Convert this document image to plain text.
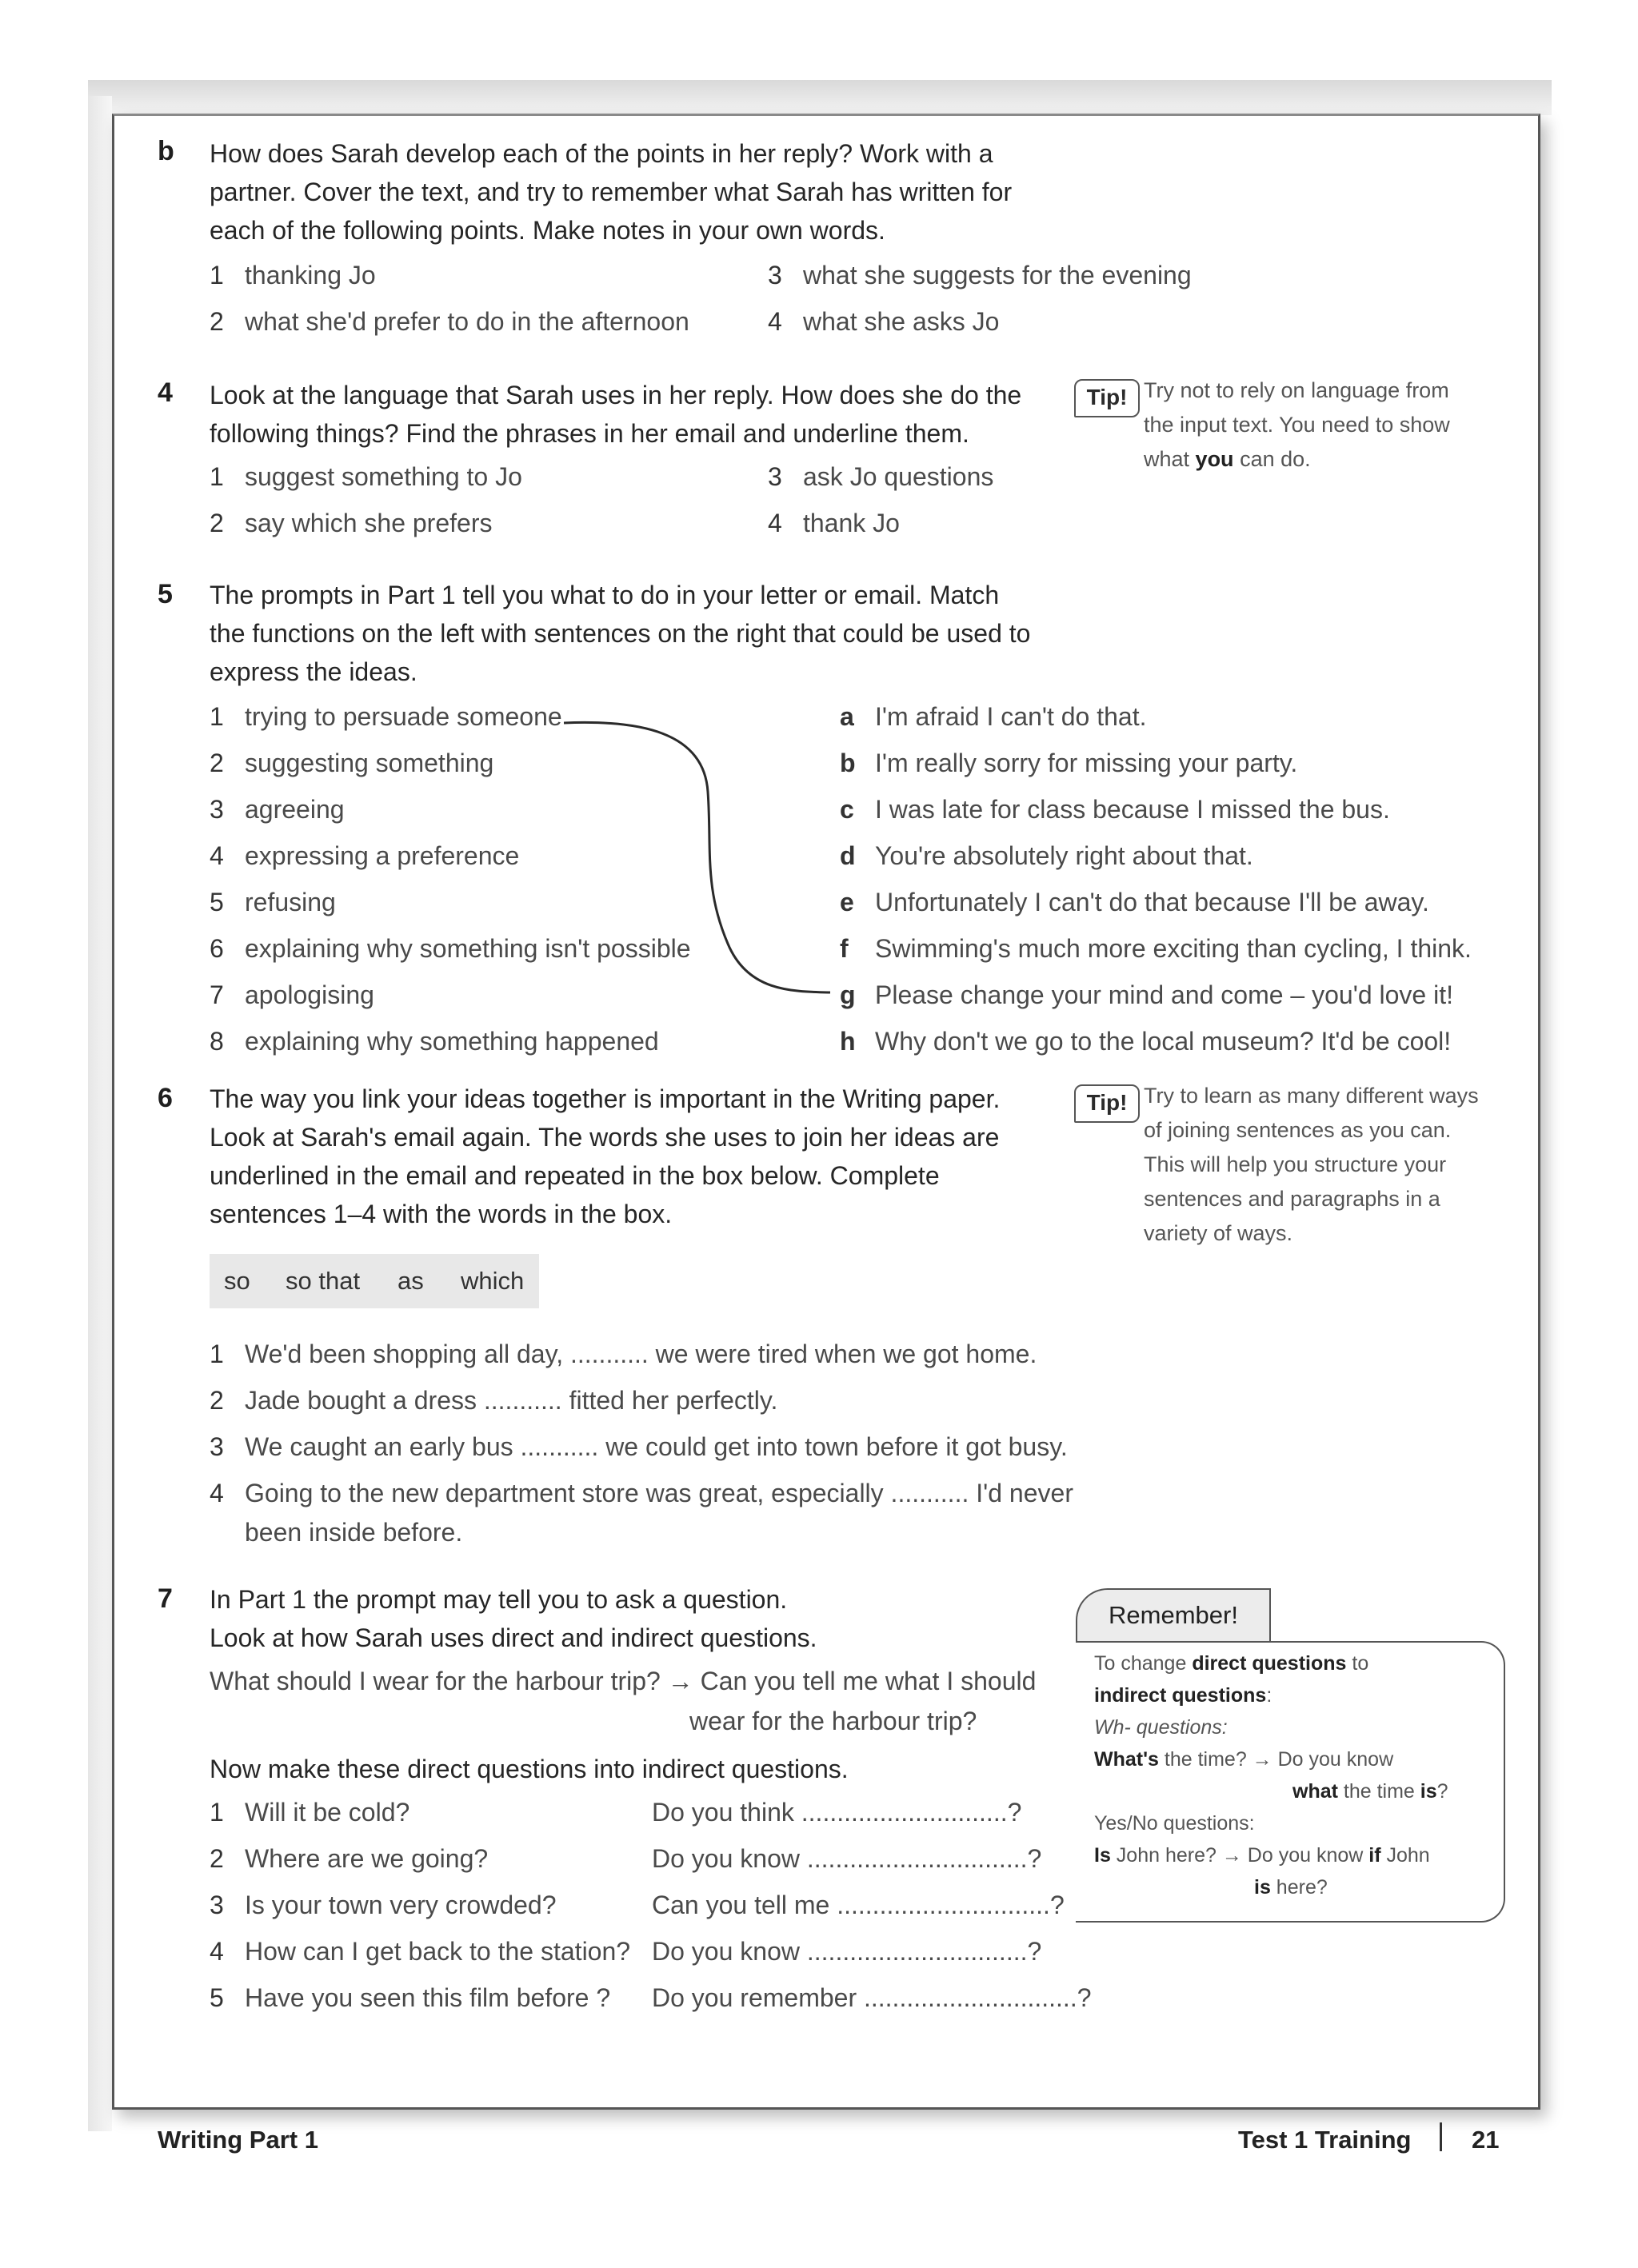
b How does Sarah develop each of the points in her reply? Work with a
partner. Cover the text, and try to remember what Sarah has written for
each of the following points. Make notes in your own words.
1 thanking Jo
2 what she'd prefer to do in the afternoon
3 what she suggests for the evening
4 what she asks Jo
4 Look at the language that Sarah uses in her reply. How does she do the
following things? Find the phrases in her email and underline them.
1 suggest something to Jo
2 say which she prefers
3 ask Jo questions
4 thank Jo
Tip! Try not to rely on language from
the input text. You need to show
what you can do.
5 The prompts in Part 1 tell you what to do in your letter or email. Match
the functions on the left with sentences on the right that could be used to
express the ideas.
1 trying to persuade someone
2 suggesting something
3 agreeing
4 expressing a preference
5 refusing
6 explaining why something isn't possible
7 apologising
8 explaining why something happened
a I'm afraid I can't do that.
b I'm really sorry for missing your party.
c I was late for class because I missed the bus.
d You're absolutely right about that.
e Unfortunately I can't do that because I'll be away.
f Swimming's much more exciting than cycling, I think.
g Please change your mind and come – you'd love it!
h Why don't we go to the local museum? It'd be cool!
6 The way you link your ideas together is important in the Writing paper.
Look at Sarah's email again. The words she uses to join her ideas are
underlined in the email and repeated in the box below. Complete
sentences 1–4 with the words in the box.
Tip! Try to learn as many different ways
of joining sentences as you can.
This will help you structure your
sentences and paragraphs in a
variety of ways.
so so that as which
1 We'd been shopping all day, ........... we were tired when we got home.
2 Jade bought a dress ........... fitted her perfectly.
3 We caught an early bus ........... we could get into town before it got busy.
4 Going to the new department store was great, especially ........... I'd never
been inside before.
7 In Part 1 the prompt may tell you to ask a question.
Look at how Sarah uses direct and indirect questions.
What should I wear for the harbour trip? → Can you tell me what I should
wear for the harbour trip?
Now make these direct questions into indirect questions.
1 Will it be cold?
2 Where are we going?
3 Is your town very crowded?
4 How can I get back to the station?
5 Have you seen this film before ?
Do you think .............................?
Do you know ...............................?
Can you tell me ..............................?
Do you know ...............................?
Do you remember ..............................?
Remember!
To change direct questions to
indirect questions:
Wh- questions:
What's the time? → Do you know
what the time is?
Yes/No questions:
Is John here? → Do you know if John
is here?
Writing Part 1	Test 1 Training 21
